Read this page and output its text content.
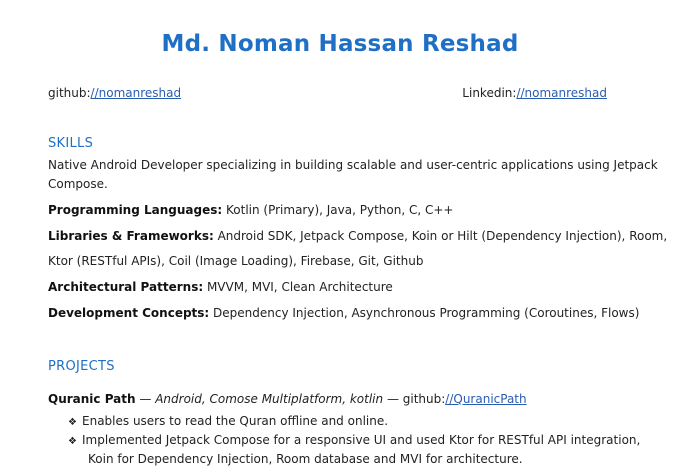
Md. Noman Hassan Reshad
github://nomanreshad	Linkedin://nomanreshad
SKILLS
Native Android Developer specializing in building scalable and user-centric applications using Jetpack
Compose.
Programming Languages: Kotlin (Primary), Java, Python, C, C++
Libraries & Frameworks: Android SDK, Jetpack Compose, Koin or Hilt (Dependency Injection), Room,
Ktor (RESTful APIs), Coil (Image Loading), Firebase, Git, Github
Architectural Patterns: MVVM, MVI, Clean Architecture
Development Concepts: Dependency Injection, Asynchronous Programming (Coroutines, Flows)
PROJECTS
Quranic Path — Android, Comose Multiplatform, kotlin — github://QuranicPath
❖ Enables users to read the Quran offline and online.
❖ Implemented Jetpack Compose for a responsive UI and used Ktor for RESTful API integration,
Koin for Dependency Injection, Room database and MVI for architecture.
